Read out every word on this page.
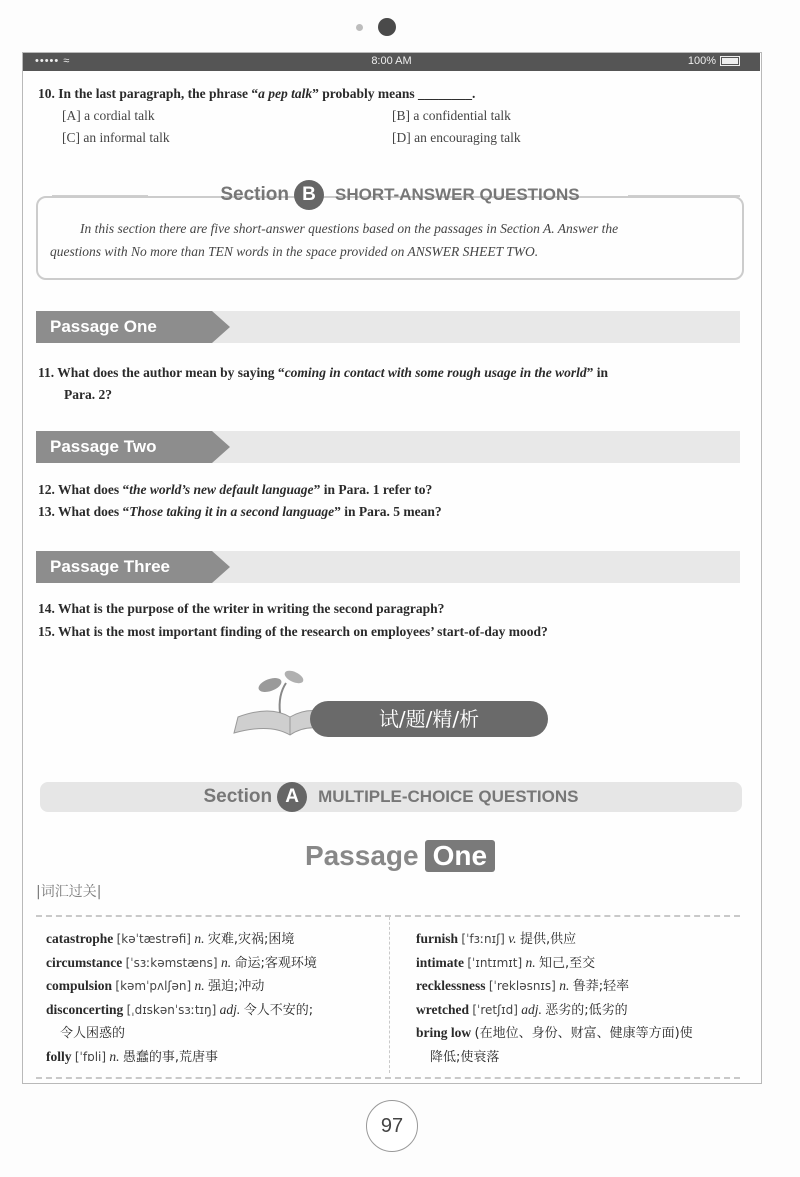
••••• ≈	8:00 AM	100%
10. In the last paragraph, the phrase “a pep talk” probably means ________.
[A] a cordial talk	[B] a confidential talk
[C] an informal talk	[D] an encouraging talk
Section B SHORT-ANSWER QUESTIONS
In this section there are five short-answer questions based on the passages in Section A. Answer the

questions with No more than TEN words in the space provided on ANSWER SHEET TWO.
Passage One
11. What does the author mean by saying “coming in contact with some rough usage in the world” in
Para. 2?
Passage Two
12. What does “the world’s new default language” in Para. 1 refer to?
13. What does “Those taking it in a second language” in Para. 5 mean?
Passage Three
14. What is the purpose of the writer in writing the second paragraph?
15. What is the most important finding of the research on employees’ start-of-day mood?
试/题/精/析
Section A MULTIPLE-CHOICE QUESTIONS
Passage One
|词汇过关|
catastrophe [kəˈtæstrəfi] n. 灾难,灾祸;困境
circumstance [ˈsɜːkəmstæns] n. 命运;客观环境
compulsion [kəmˈpʌlʃən] n. 强迫;冲动
disconcerting [ˌdɪskənˈsɜːtɪŋ] adj. 令人不安的;
令人困惑的
folly [ˈfɒli] n. 愚蠢的事,荒唐事
furnish [ˈfɜːnɪʃ] v. 提供,供应
intimate [ˈɪntɪmɪt] n. 知己,至交
recklessness [ˈrekləsnɪs] n. 鲁莽;轻率
wretched [ˈretʃɪd] adj. 恶劣的;低劣的
bring low (在地位、身份、财富、健康等方面)使
降低;使衰落
97
